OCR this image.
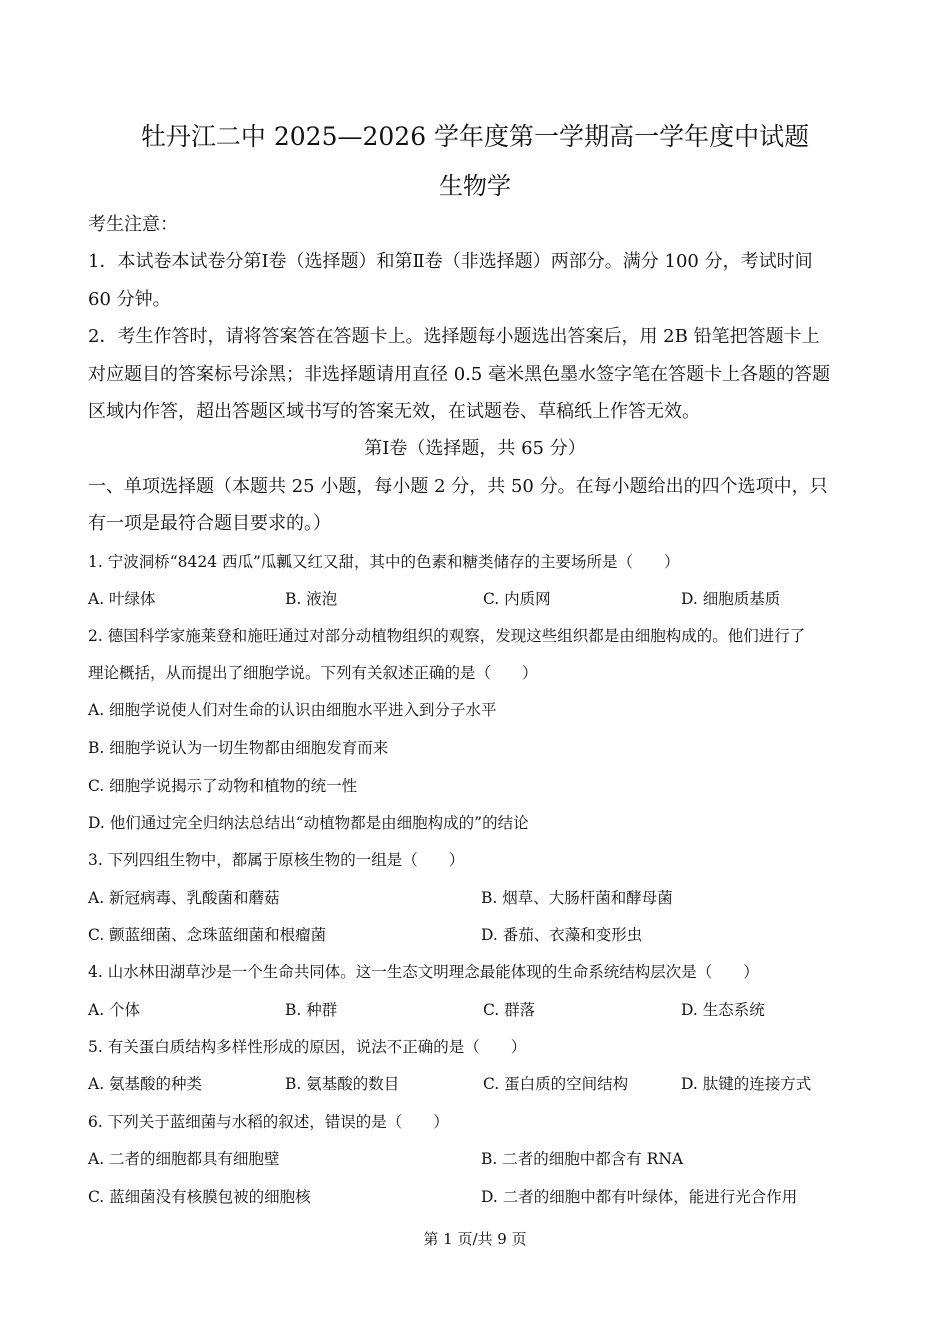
牡丹江二中 2025—2026 学年度第一学期高一学年度中试题
生物学
考生注意：
1．本试卷本试卷分第Ⅰ卷（选择题）和第Ⅱ卷（非选择题）两部分。满分 100 分，考试时间
60 分钟。
2．考生作答时，请将答案答在答题卡上。选择题每小题选出答案后，用 2B 铅笔把答题卡上
对应题目的答案标号涂黑；非选择题请用直径 0.5 毫米黑色墨水签字笔在答题卡上各题的答题
区域内作答，超出答题区域书写的答案无效，在试题卷、草稿纸上作答无效。
第Ⅰ卷（选择题，共 65 分）
一、单项选择题（本题共 25 小题，每小题 2 分，共 50 分。在每小题给出的四个选项中，只
有一项是最符合题目要求的。）
1. 宁波洞桥“8424 西瓜”瓜瓤又红又甜，其中的色素和糖类储存的主要场所是（　　）
A. 叶绿体	B. 液泡	C. 内质网	D. 细胞质基质
2. 德国科学家施莱登和施旺通过对部分动植物组织的观察，发现这些组织都是由细胞构成的。他们进行了
理论概括，从而提出了细胞学说。下列有关叙述正确的是（　　）
A. 细胞学说使人们对生命的认识由细胞水平进入到分子水平
B. 细胞学说认为一切生物都由细胞发育而来
C. 细胞学说揭示了动物和植物的统一性
D. 他们通过完全归纳法总结出“动植物都是由细胞构成的”的结论
3. 下列四组生物中，都属于原核生物的一组是（　　）
A. 新冠病毒、乳酸菌和蘑菇	B. 烟草、大肠杆菌和酵母菌
C. 颤蓝细菌、念珠蓝细菌和根瘤菌	D. 番茄、衣藻和变形虫
4. 山水林田湖草沙是一个生命共同体。这一生态文明理念最能体现的生命系统结构层次是（　　）
A. 个体	B. 种群	C. 群落	D. 生态系统
5. 有关蛋白质结构多样性形成的原因，说法不正确的是（　　）
A. 氨基酸的种类	B. 氨基酸的数目	C. 蛋白质的空间结构	D. 肽键的连接方式
6. 下列关于蓝细菌与水稻的叙述，错误的是（　　）
A. 二者的细胞都具有细胞壁	B. 二者的细胞中都含有 RNA
C. 蓝细菌没有核膜包被的细胞核	D. 二者的细胞中都有叶绿体，能进行光合作用
第 1 页/共 9 页
